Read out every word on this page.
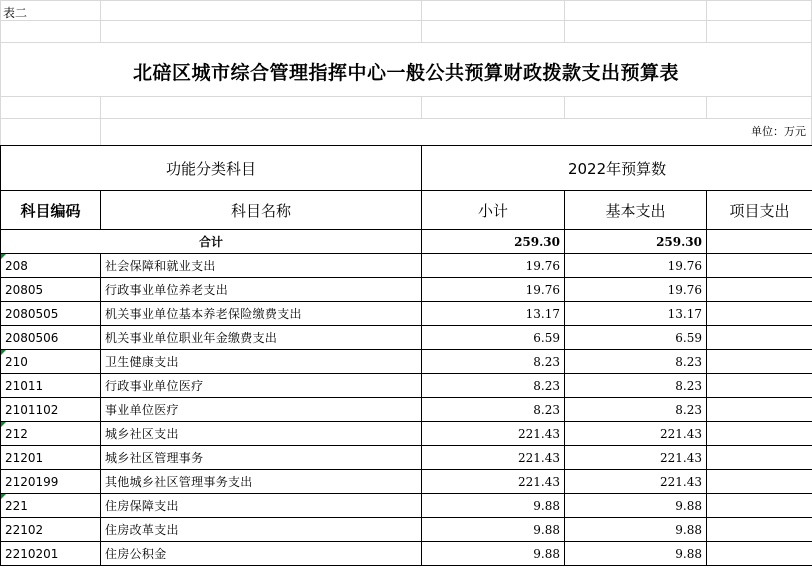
表二
北碚区城市综合管理指挥中心一般公共预算财政拨款支出预算表
单位：万元
功能分类科目		2022年预算数		
科目编码	科目名称	小计	基本支出	项目支出
合计		259.30	259.30	

208	社会保障和就业支出	19.76	19.76	
20805	行政事业单位养老支出	19.76	19.76	
2080505	机关事业单位基本养老保险缴费支出	13.17	13.17	
2080506	机关事业单位职业年金缴费支出	6.59	6.59	

210	卫生健康支出	8.23	8.23	
21011	行政事业单位医疗	8.23	8.23	
2101102	事业单位医疗	8.23	8.23	

212	城乡社区支出	221.43	221.43	
21201	城乡社区管理事务	221.43	221.43	
2120199	其他城乡社区管理事务支出	221.43	221.43	

221	住房保障支出	9.88	9.88	
22102	住房改革支出	9.88	9.88	
2210201	住房公积金	9.88	9.88	
